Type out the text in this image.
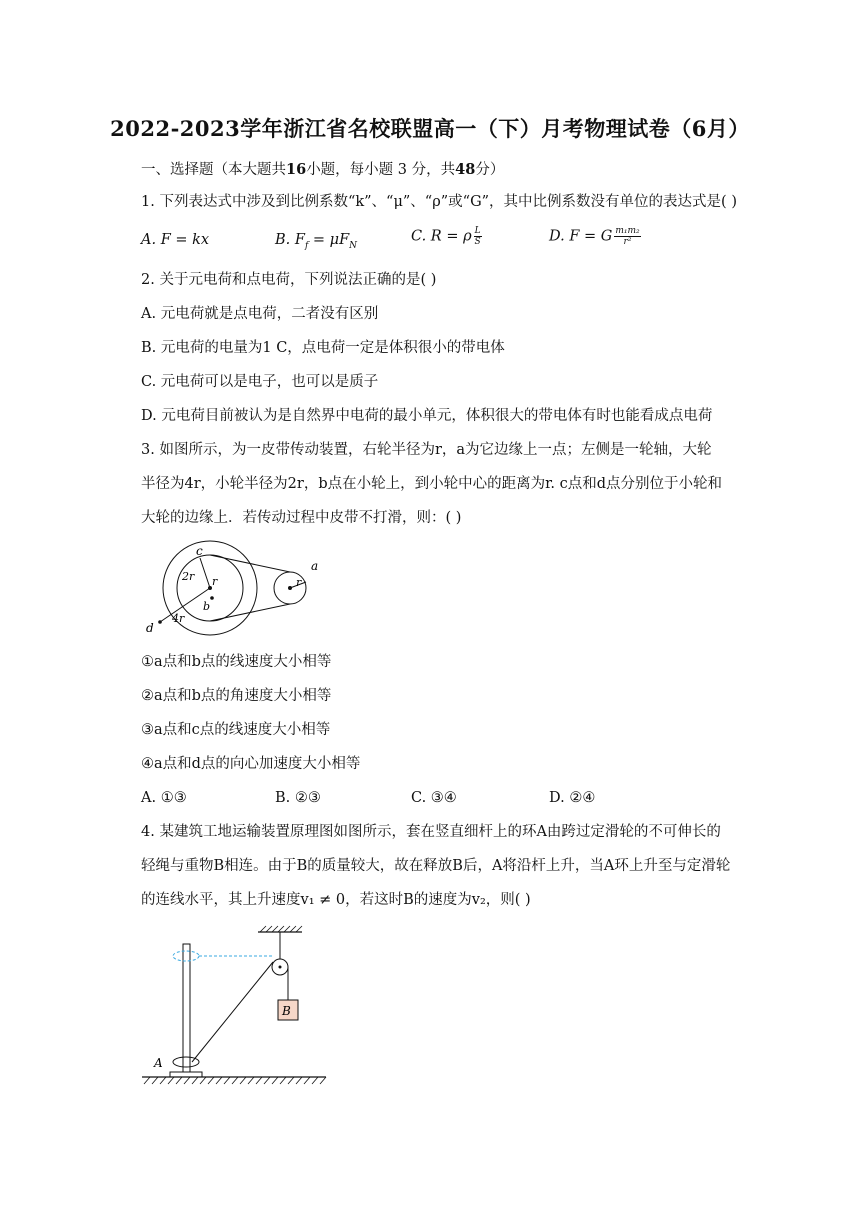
2022-2023学年浙江省名校联盟高一（下）月考物理试卷（6月）
一、选择题（本大题共16小题，每小题 3 分，共48分）
1. 下列表达式中涉及到比例系数“k”、“μ”、“ρ”或“G”，其中比例系数没有单位的表达式是( )
A. F = kx	B. $F_f = \mu F_N$
C. R = ρ $\frac{L}{S}$	D. F = G $\frac{\text{m₁m₂}}{\text{r²}}$
2. 关于元电荷和点电荷，下列说法正确的是( )
A. 元电荷就是点电荷，二者没有区别
B. 元电荷的电量为1 C，点电荷一定是体积很小的带电体
C. 元电荷可以是电子，也可以是质子
D. 元电荷目前被认为是自然界中电荷的最小单元，体积很大的带电体有时也能看成点电荷
3. 如图所示，为一皮带传动装置，右轮半径为r，a为它边缘上一点；左侧是一轮轴，大轮
半径为4r，小轮半径为2r，b点在小轮上，到小轮中心的距离为r. c点和d点分别位于小轮和
大轮的边缘上．若传动过程中皮带不打滑，则：( )
c
2r r
b
d
4r
r
a
①a点和b点的线速度大小相等
②a点和b点的角速度大小相等
③a点和c点的线速度大小相等
④a点和d点的向心加速度大小相等
A. ①③	B. ②③	C. ③④	D. ②④
4. 某建筑工地运输装置原理图如图所示，套在竖直细杆上的环A由跨过定滑轮的不可伸长的
轻绳与重物B相连。由于B的质量较大，故在释放B后，A将沿杆上升，当A环上升至与定滑轮
的连线水平，其上升速度v₁ ≠ 0，若这时B的速度为v₂，则( )
B
A
